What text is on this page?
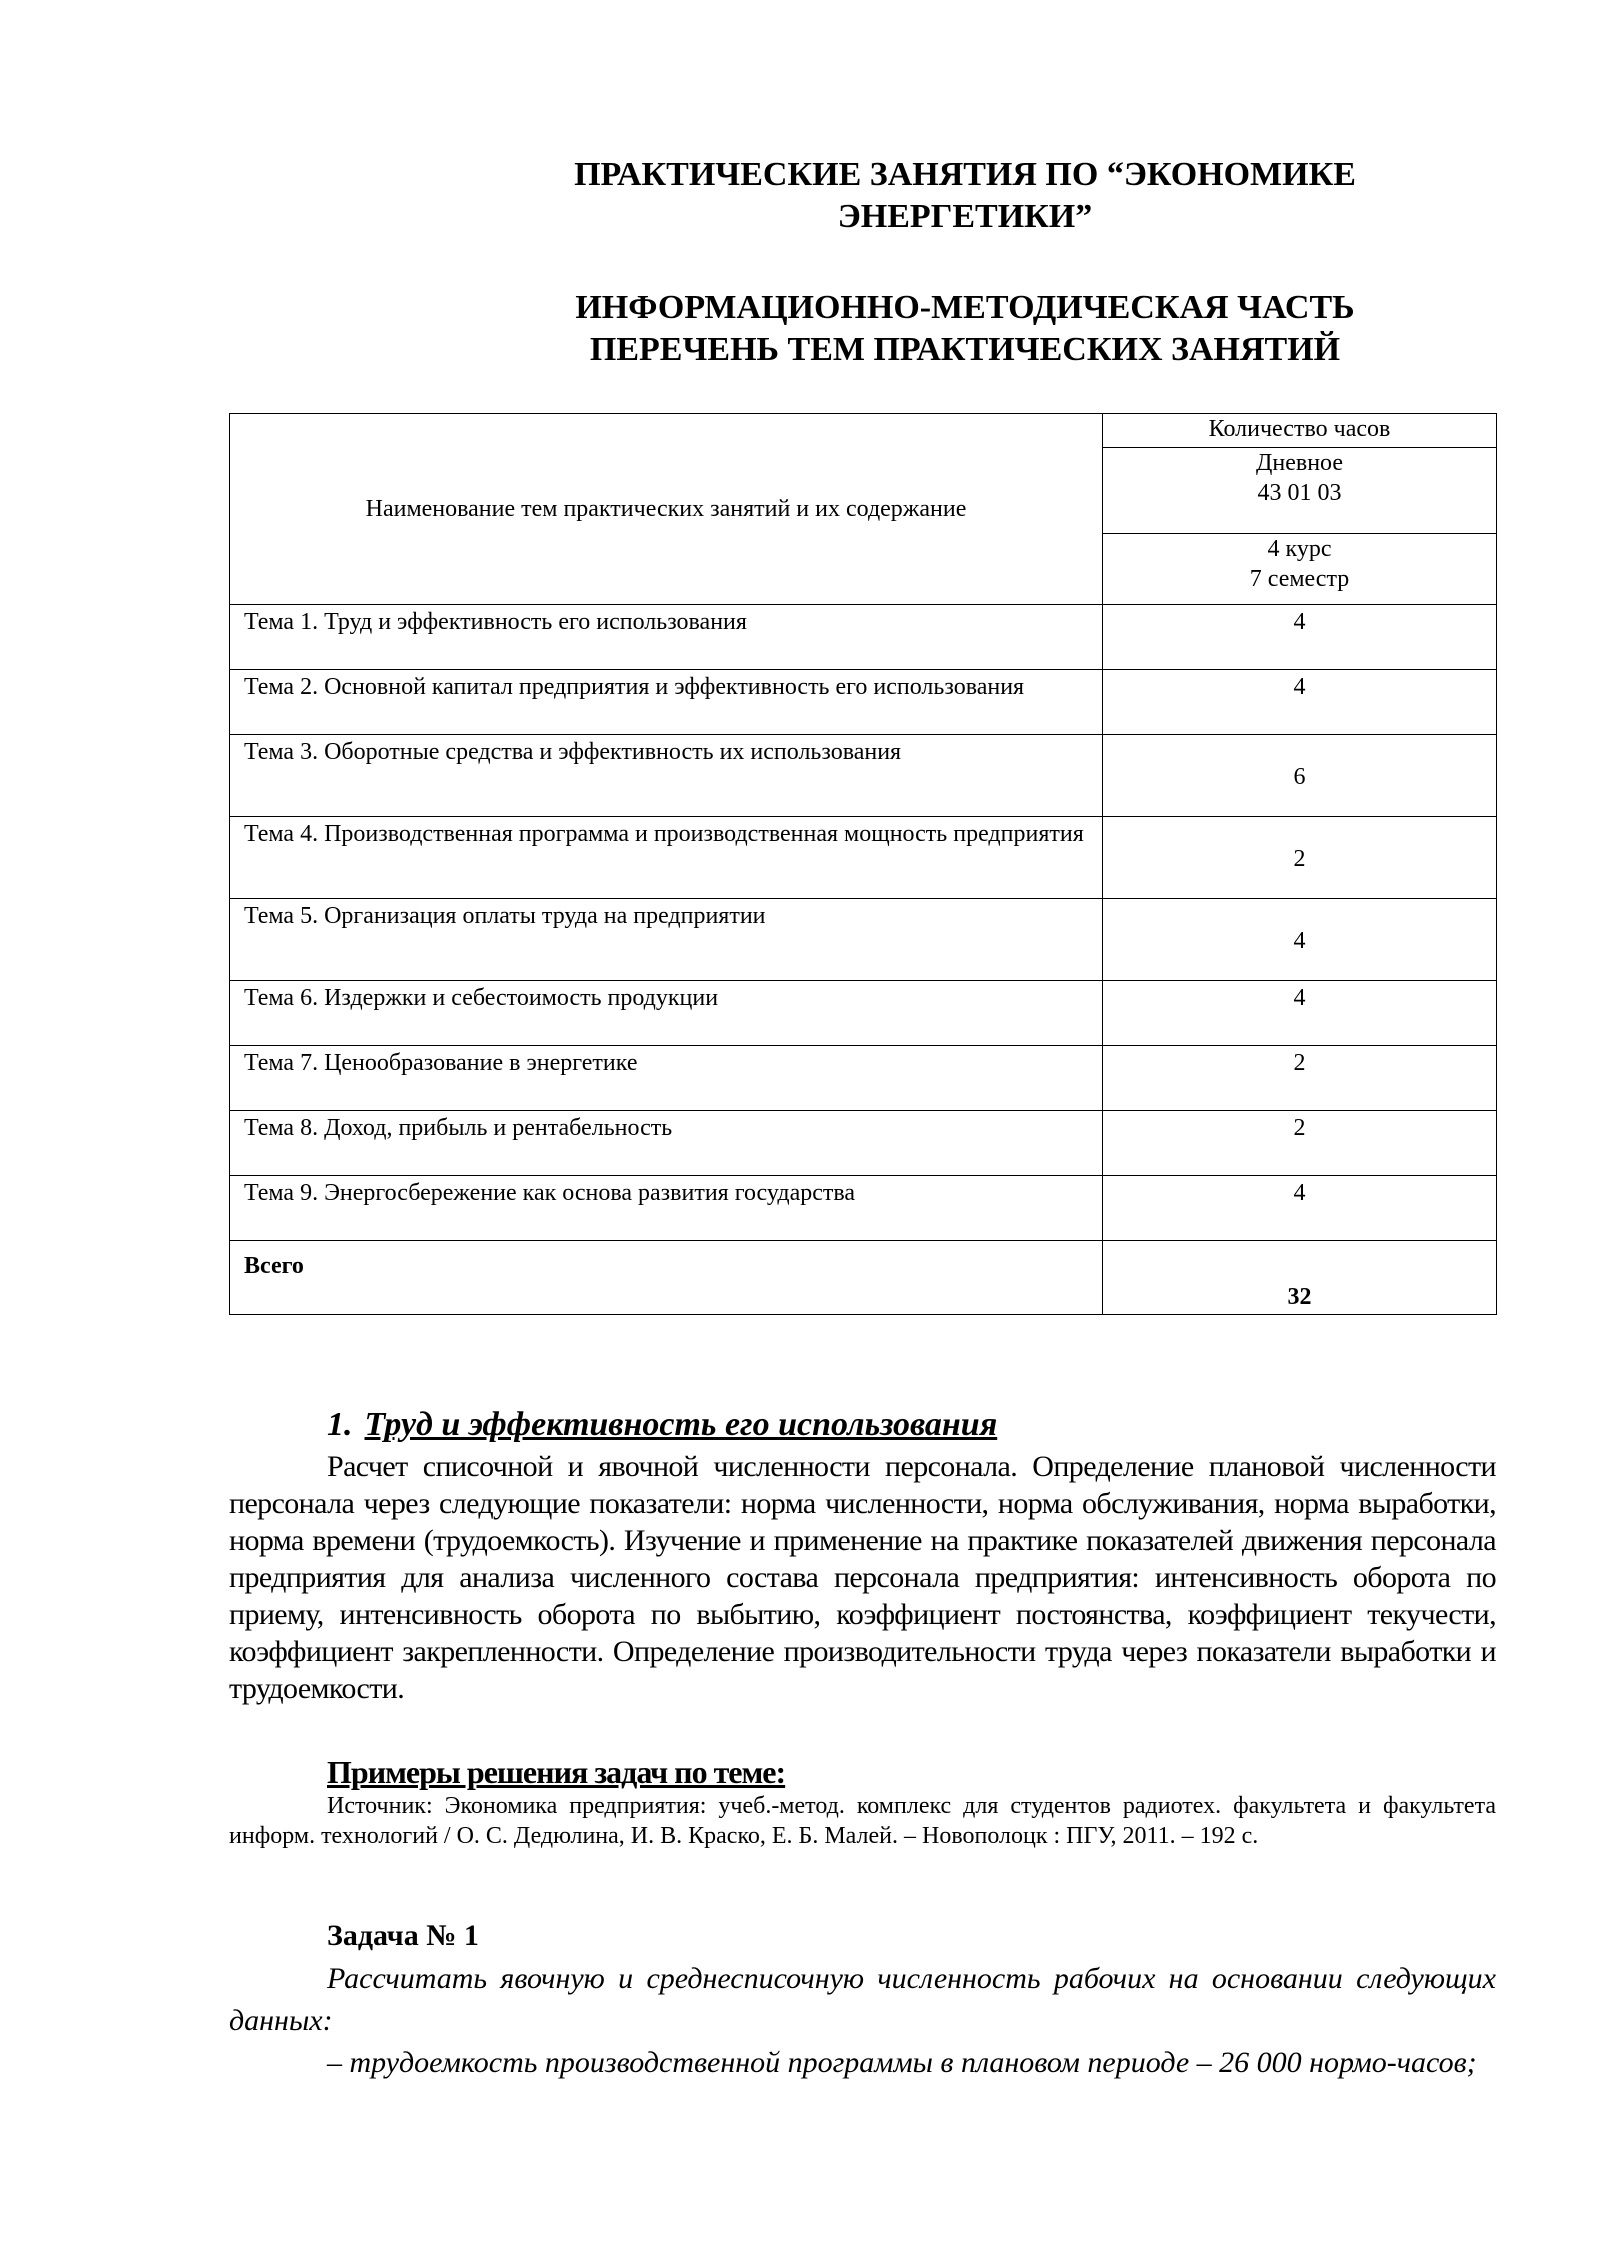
ПРАКТИЧЕСКИЕ ЗАНЯТИЯ ПО “ЭКОНОМИКЕ
ЭНЕРГЕТИКИ”
ИНФОРМАЦИОННО-МЕТОДИЧЕСКАЯ ЧАСТЬ
ПЕРЕЧЕНЬ ТЕМ ПРАКТИЧЕСКИХ ЗАНЯТИЙ
Наименование тем практических занятий и их содержание	Количество часов

	Дневное
43 01 03

	4 курс
7 семестр

Тема 1. Труд и эффективность его использования	4
Тема 2. Основной капитал предприятия и эффективность его использования	4
Тема 3. Оборотные средства и эффективность их использования	6
Тема 4. Производственная программа и производственная мощность предприятия	2
Тема 5. Организация оплаты труда на предприятии	4
Тема 6. Издержки и себестоимость продукции	4
Тема 7. Ценообразование в энергетике	2
Тема 8. Доход, прибыль и рентабельность	2
Тема 9. Энергосбережение как основа развития государства	4
Всего	32
1. Труд и эффективность его использования

Расчет списочной и явочной численности персонала. Определение плановой численности персонала через следующие показатели: норма численности, норма обслуживания, норма выработки, норма времени (трудоемкость). Изучение и применение на практике показателей движения персонала предприятия для анализа численного состава персонала предприятия: интенсивность оборота по приему, интенсивность оборота по выбытию, коэффициент постоянства, коэффициент текучести, коэффициент закрепленности. Определение производительности труда через показатели выработки и трудоемкости.

Примеры решения задач по теме:

Источник: Экономика предприятия: учеб.-метод. комплекс для студентов радиотех. факультета и факультета информ. технологий / О. С. Дедюлина, И. В. Краско, Е. Б. Малей. – Новополоцк : ПГУ, 2011. – 192 с.

Задача № 1

Рассчитать явочную и среднесписочную численность рабочих на основании следующих данных:

– трудоемкость производственной программы в плановом периоде – 26 000 нормо-часов;
